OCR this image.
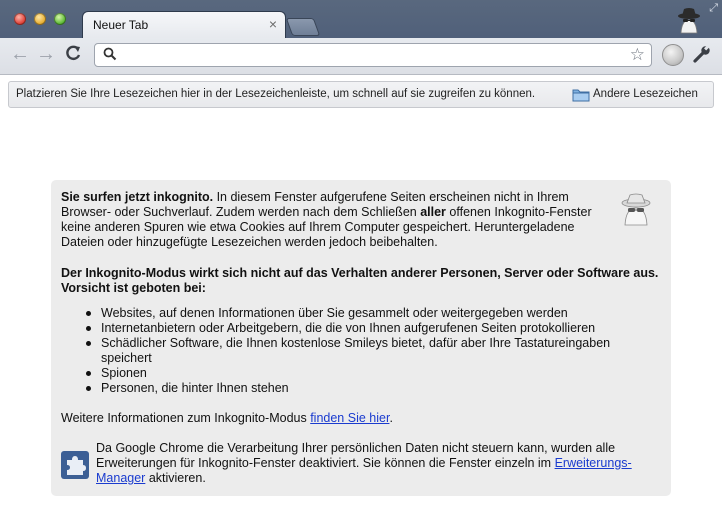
Neuer Tab	×
⤢
← →	☆
Platzieren Sie Ihre Lesezeichen hier in der Lesezeichenleiste, um schnell auf sie zugreifen zu können.	Andere Lesezeichen
Sie surfen jetzt inkognito. In diesem Fenster aufgerufene Seiten erscheinen nicht in Ihrem Browser- oder Suchverlauf. Zudem werden nach dem Schließen aller offenen Inkognito-Fenster keine anderen Spuren wie etwa Cookies auf Ihrem Computer gespeichert. Heruntergeladene Dateien oder hinzugefügte Lesezeichen werden jedoch beibehalten.
Der Inkognito-Modus wirkt sich nicht auf das Verhalten anderer Personen, Server oder Software aus. Vorsicht ist geboten bei:
Websites, auf denen Informationen über Sie gesammelt oder weitergegeben werden
Internetanbietern oder Arbeitgebern, die die von Ihnen aufgerufenen Seiten protokollieren
Schädlicher Software, die Ihnen kostenlose Smileys bietet, dafür aber Ihre Tastatureingaben speichert
Spionen
Personen, die hinter Ihnen stehen
Weitere Informationen zum Inkognito-Modus finden Sie hier.
Da Google Chrome die Verarbeitung Ihrer persönlichen Daten nicht steuern kann, wurden alle Erweiterungen für Inkognito-Fenster deaktiviert. Sie können die Fenster einzeln im Erweiterungs-Manager aktivieren.
